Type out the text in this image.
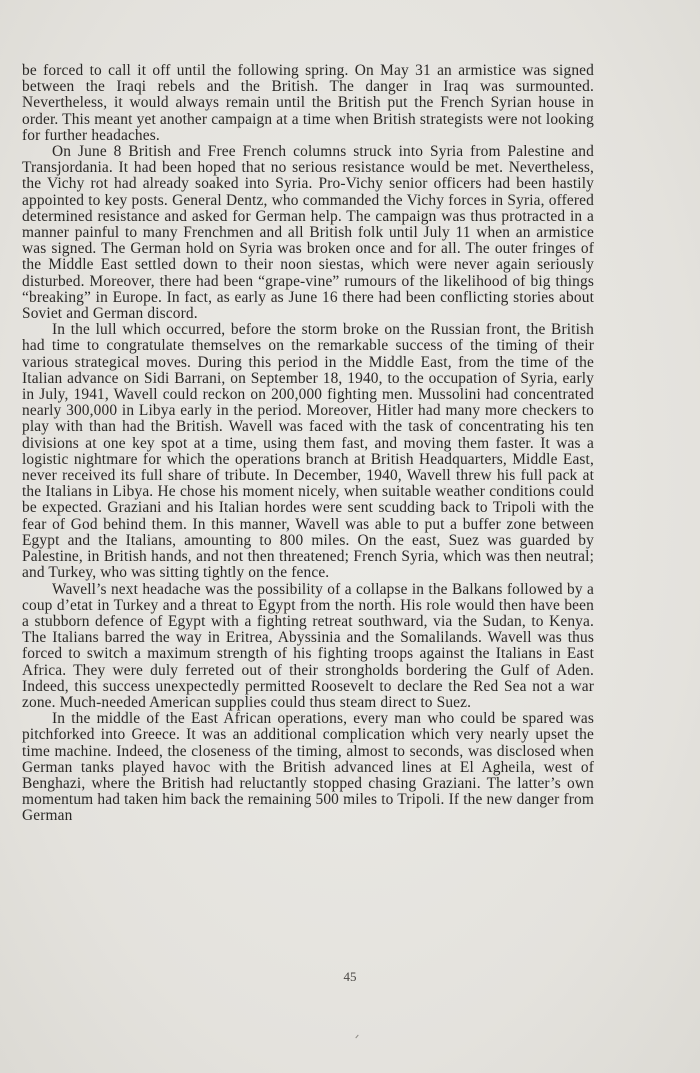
be forced to call it off until the following spring. On May 31 an armistice was signed between the Iraqi rebels and the British. The danger in Iraq was surmounted. Nevertheless, it would always remain until the British put the French Syrian house in order. This meant yet another campaign at a time when British strategists were not looking for further headaches.

On June 8 British and Free French columns struck into Syria from Palestine and Transjordania. It had been hoped that no serious resistance would be met. Nevertheless, the Vichy rot had already soaked into Syria. Pro-Vichy senior officers had been hastily appointed to key posts. General Dentz, who commanded the Vichy forces in Syria, offered determined resistance and asked for German help. The campaign was thus protracted in a manner painful to many Frenchmen and all British folk until July 11 when an armistice was signed. The German hold on Syria was broken once and for all. The outer fringes of the Middle East settled down to their noon siestas, which were never again seriously disturbed. Moreover, there had been “grape-vine” rumours of the likelihood of big things “breaking” in Europe. In fact, as early as June 16 there had been conflicting stories about Soviet and German discord.

In the lull which occurred, before the storm broke on the Russian front, the British had time to congratulate themselves on the remarkable success of the timing of their various strategical moves. During this period in the Middle East, from the time of the Italian advance on Sidi Barrani, on September 18, 1940, to the occupation of Syria, early in July, 1941, Wavell could reckon on 200,000 fighting men. Mussolini had concentrated nearly 300,000 in Libya early in the period. Moreover, Hitler had many more checkers to play with than had the British. Wavell was faced with the task of concentrating his ten divisions at one key spot at a time, using them fast, and moving them faster. It was a logistic nightmare for which the operations branch at British Headquarters, Middle East, never received its full share of tribute. In December, 1940, Wavell threw his full pack at the Italians in Libya. He chose his moment nicely, when suitable weather conditions could be expected. Graziani and his Italian hordes were sent scudding back to Tripoli with the fear of God behind them. In this manner, Wavell was able to put a buffer zone between Egypt and the Italians, amounting to 800 miles. On the east, Suez was guarded by Palestine, in British hands, and not then threatened; French Syria, which was then neutral; and Turkey, who was sitting tightly on the fence.

Wavell’s next headache was the possibility of a collapse in the Balkans followed by a coup d’etat in Turkey and a threat to Egypt from the north. His role would then have been a stubborn defence of Egypt with a fighting retreat southward, via the Sudan, to Kenya. The Italians barred the way in Eritrea, Abyssinia and the Somalilands. Wavell was thus forced to switch a maximum strength of his fighting troops against the Italians in East Africa. They were duly ferreted out of their strongholds bordering the Gulf of Aden. Indeed, this success unexpectedly permitted Roosevelt to declare the Red Sea not a war zone. Much-needed American supplies could thus steam direct to Suez.

In the middle of the East African operations, every man who could be spared was pitchforked into Greece. It was an additional complication which very nearly upset the time machine. Indeed, the closeness of the timing, almost to seconds, was disclosed when German tanks played havoc with the British advanced lines at El Agheila, west of Benghazi, where the British had reluctantly stopped chasing Graziani. The latter’s own momentum had taken him back the remaining 500 miles to Tripoli. If the new danger from German

45
